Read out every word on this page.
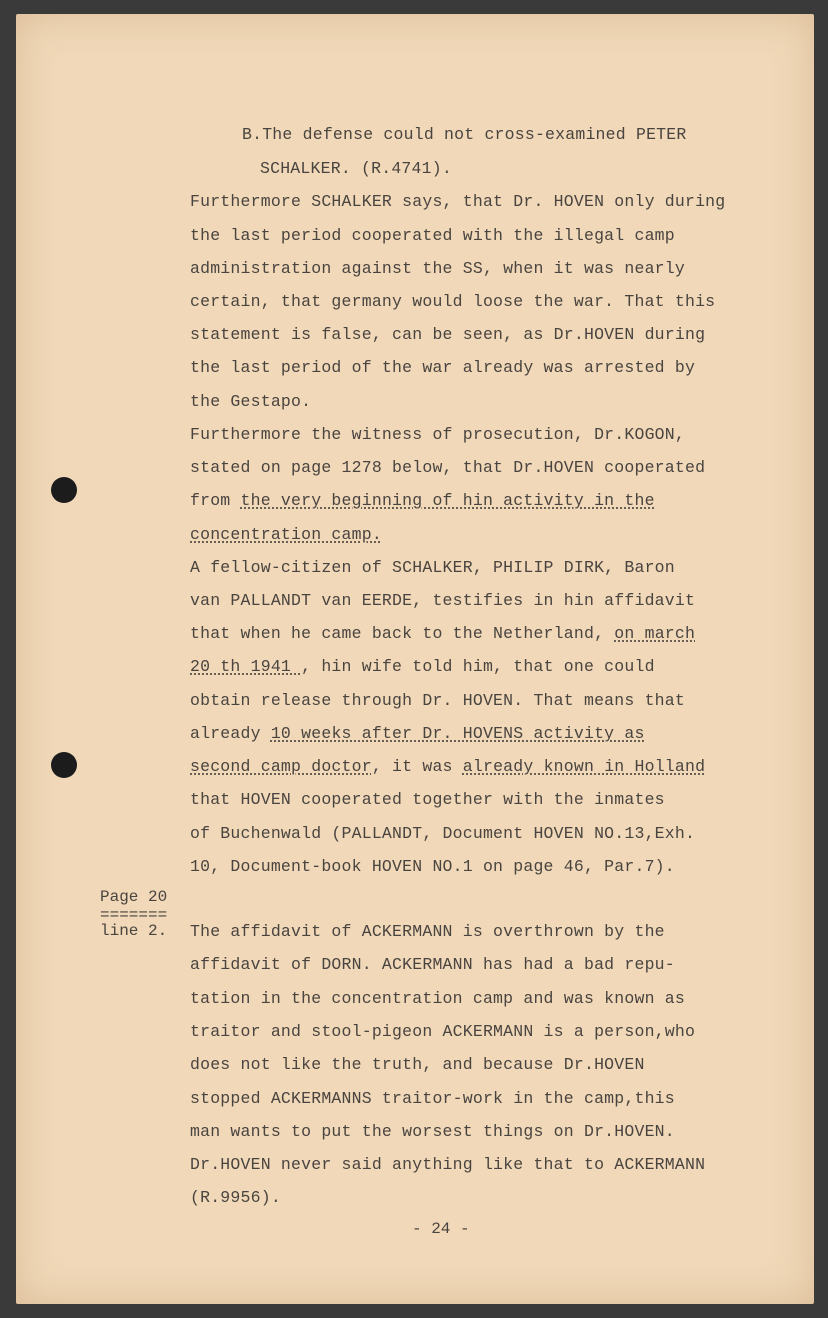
B.The defense could not cross-examined PETER
SCHALKER. (R.4741).
Furthermore SCHALKER says, that Dr. HOVEN only during
the last period cooperated with the illegal camp
administration against the SS, when it was nearly
certain, that germany would loose the war. That this
statement is false, can be seen, as Dr.HOVEN during
the last period of the war already was arrested by
the Gestapo.
Furthermore the witness of prosecution, Dr.KOGON,
stated on page 1278 below, that Dr.HOVEN cooperated
from the very beginning of hin activity in the
concentration camp.
A fellow-citizen of SCHALKER, PHILIP DIRK, Baron
van PALLANDT van EERDE, testifies in hin affidavit
that when he came back to the Netherland, on march
20 th 1941 , hin wife told him, that one could
obtain release through Dr. HOVEN. That means that
already 10 weeks after Dr. HOVENS activity as
second camp doctor, it was already known in Holland
that HOVEN cooperated together with the inmates
of Buchenwald (PALLANDT, Document HOVEN NO.13,Exh.
10, Document-book HOVEN NO.1 on page 46, Par.7).
Page 20
=======
line 2. The affidavit of ACKERMANN is overthrown by the
affidavit of DORN. ACKERMANN has had a bad repu-
tation in the concentration camp and was known as
traitor and stool-pigeon ACKERMANN is a person,who
does not like the truth, and because Dr.HOVEN
stopped ACKERMANNS traitor-work in the camp,this
man wants to put the worsest things on Dr.HOVEN.
Dr.HOVEN never said anything like that to ACKERMANN
(R.9956).
- 24 -
